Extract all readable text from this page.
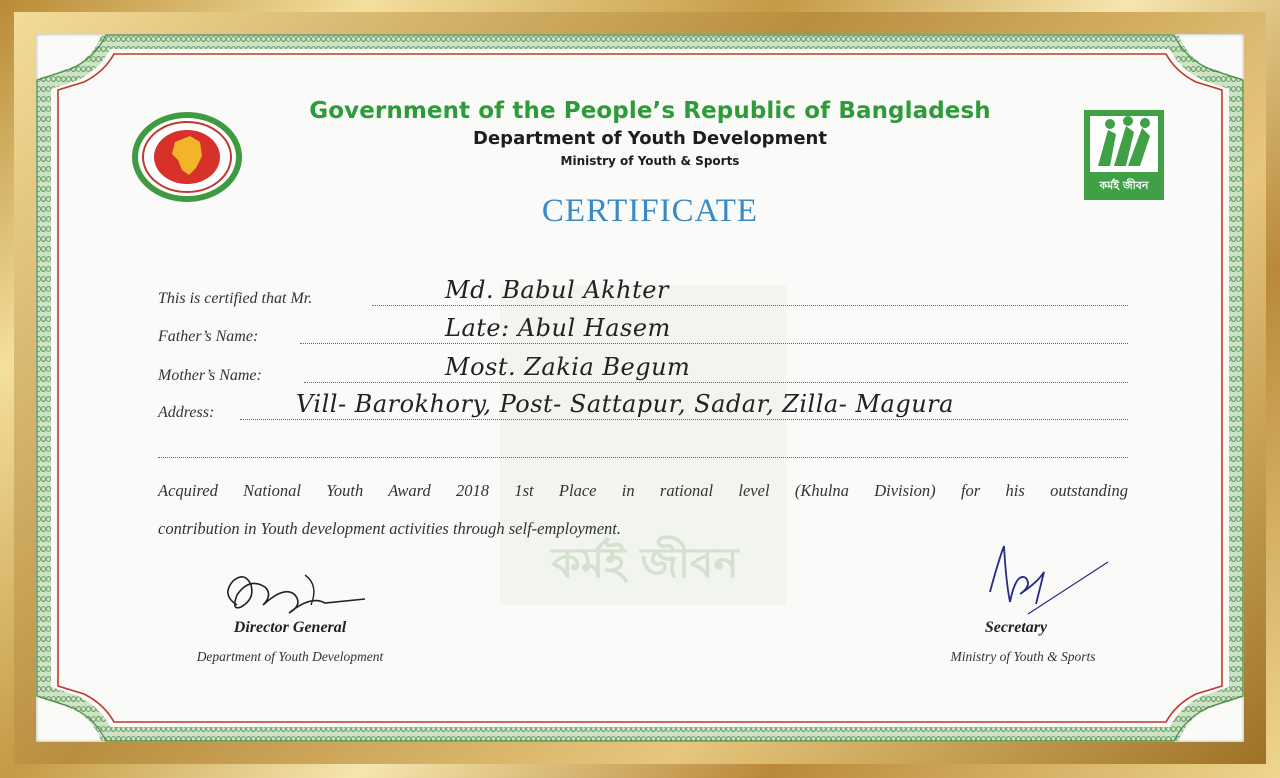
কর্মই জীবন
কর্মই জীবন
Government of the People’s Republic of Bangladesh
Department of Youth Development
Ministry of Youth & Sports
CERTIFICATE
This is certified that Mr.	Md. Babul Akhter
Father’s Name:	Late: Abul Hasem
Mother’s Name:	Most. Zakia Begum
Address:	Vill- Barokhory, Post- Sattapur, Sadar, Zilla- Magura
Acquired National Youth Award 2018 1st Place in rational level (Khulna Division) for his outstanding
contribution in Youth development activities through self-employment.
Director General
Department of Youth Development
Secretary
Ministry of Youth & Sports
